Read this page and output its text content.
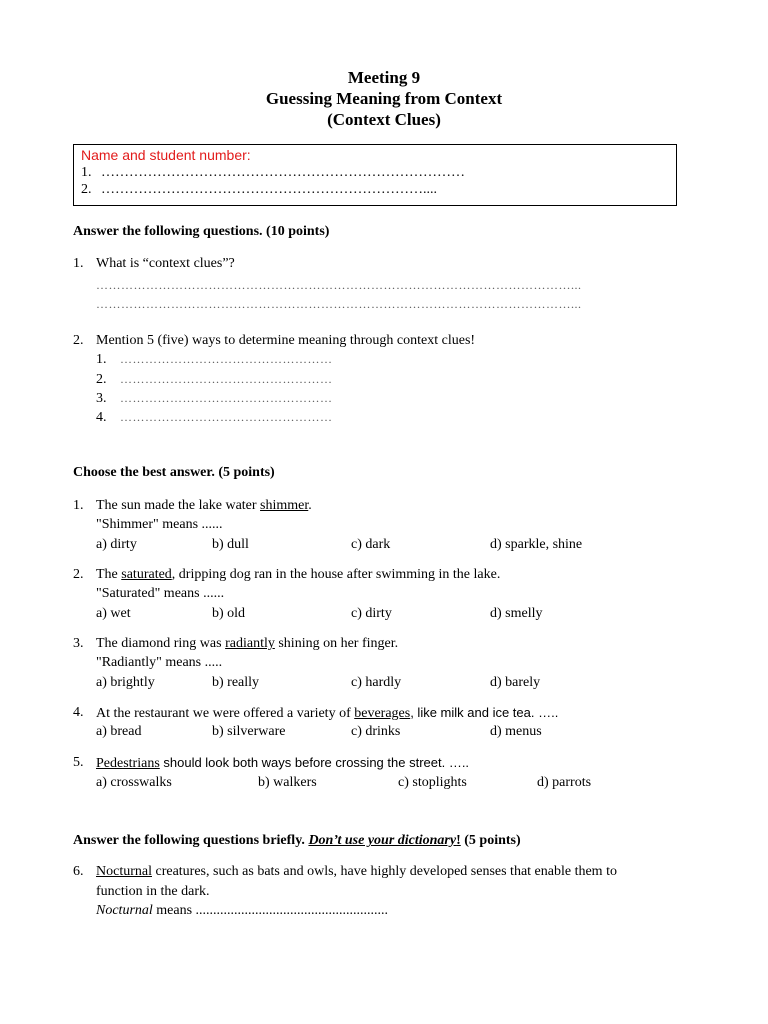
Meeting 9
Guessing Meaning from Context
(Context Clues)
Name and student number:
1. ……………………………………………………………………
2. ……………………………………………………………....
Answer the following questions. (10 points)
1. What is “context clues”?
……………………………………………………………………………………………………...
……………………………………………………………………………………………………...
2. Mention 5 (five) ways to determine meaning through context clues!
1. ……………………………………………
2. ……………………………………………
3. ……………………………………………
4. ……………………………………………
Choose the best answer. (5 points)
1. The sun made the lake water shimmer.
"Shimmer" means ......
a) dirty	b) dull	c) dark	d) sparkle, shine
2. The saturated, dripping dog ran in the house after swimming in the lake.
"Saturated" means ......
a) wet	b) old	c) dirty	d) smelly
3. The diamond ring was radiantly shining on her finger.
"Radiantly" means .....
a) brightly	b) really	c) hardly	d) barely
4. At the restaurant we were offered a variety of beverages, like milk and ice tea. …..
a) bread	b) silverware	c) drinks	d) menus
5. Pedestrians should look both ways before crossing the street. …..
a) crosswalks	b) walkers	c) stoplights	d) parrots
Answer the following questions briefly. Don’t use your dictionary! (5 points)
6. Nocturnal creatures, such as bats and owls, have highly developed senses that enable them to
function in the dark.
Nocturnal means .......................................................
